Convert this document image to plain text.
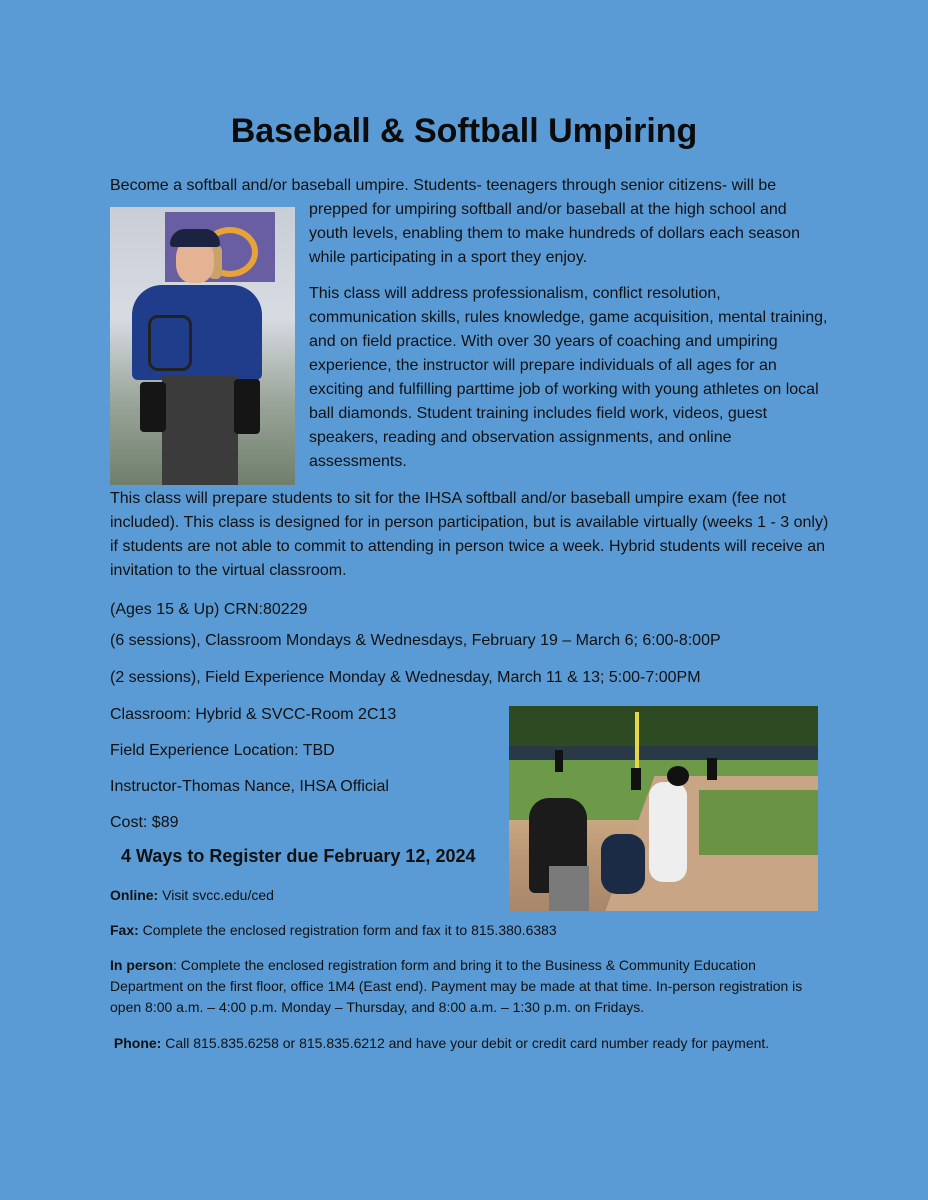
Baseball & Softball Umpiring

Become a softball and/or baseball umpire. Students- teenagers through senior citizens- will be

prepped for umpiring softball and/or baseball at the high school and youth levels, enabling them to make hundreds of dollars each season while participating in a sport they enjoy.

This class will address professionalism, conflict resolution, communication skills, rules knowledge, game acquisition, mental training, and on field practice. With over 30 years of coaching and umpiring experience, the instructor will prepare individuals of all ages for an exciting and fulfilling parttime job of working with young athletes on local ball diamonds. Student training includes field work, videos, guest speakers, reading and observation assignments, and online assessments.

This class will prepare students to sit for the IHSA softball and/or baseball umpire exam (fee not included). This class is designed for in person participation, but is available virtually (weeks 1 - 3 only) if students are not able to commit to attending in person twice a week. Hybrid students will receive an invitation to the virtual classroom.

(Ages 15 & Up) CRN:80229

(6 sessions), Classroom Mondays & Wednesdays, February 19 – March 6; 6:00-8:00P

(2 sessions), Field Experience Monday & Wednesday, March 11 & 13; 5:00-7:00PM

Classroom: Hybrid & SVCC-Room 2C13

Field Experience Location: TBD

Instructor-Thomas Nance, IHSA Official

Cost: $89

4 Ways to Register due February 12, 2024

Online: Visit svcc.edu/ced

Fax: Complete the enclosed registration form and fax it to 815.380.6383

In person: Complete the enclosed registration form and bring it to the Business & Community Education Department on the first floor, office 1M4 (East end). Payment may be made at that time. In-person registration is open 8:00 a.m. – 4:00 p.m. Monday – Thursday, and 8:00 a.m. – 1:30 p.m. on Fridays.

Phone: Call 815.835.6258 or 815.835.6212 and have your debit or credit card number ready for payment.
